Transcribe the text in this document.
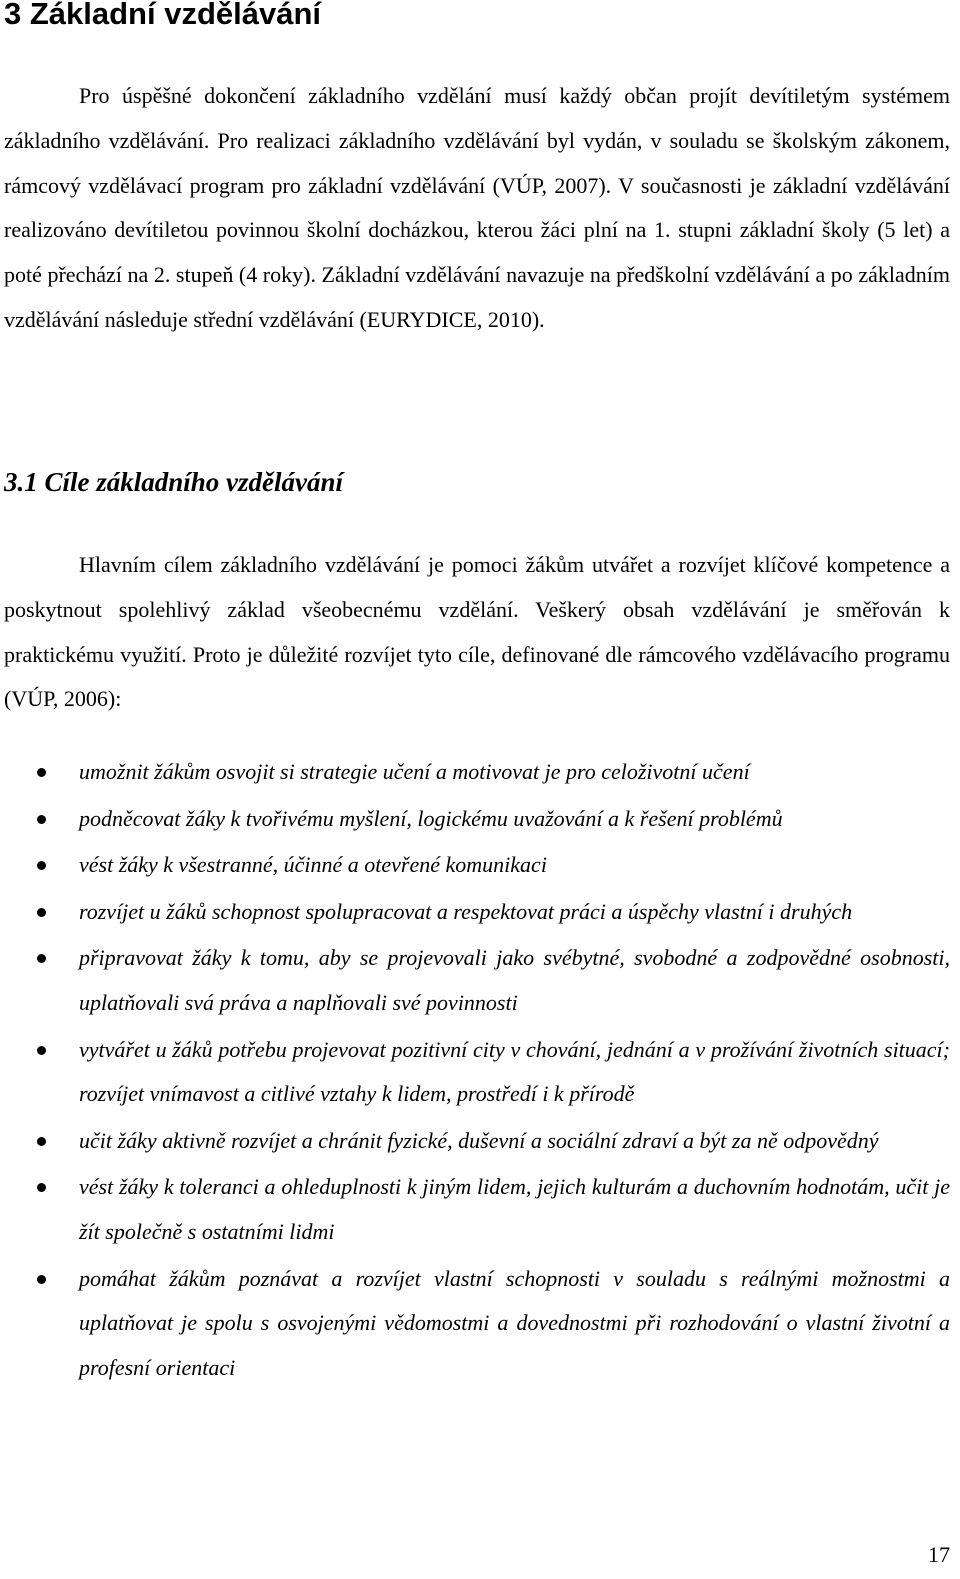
3 Základní vzdělávání

Pro úspěšné dokončení základního vzdělání musí každý občan projít devítiletým systémem základního vzdělávání. Pro realizaci základního vzdělávání byl vydán, v souladu se školským zákonem, rámcový vzdělávací program pro základní vzdělávání (VÚP, 2007). V současnosti je základní vzdělávání realizováno devítiletou povinnou školní docházkou, kterou žáci plní na 1. stupni základní školy (5 let) a poté přechází na 2. stupeň (4 roky). Základní vzdělávání navazuje na předškolní vzdělávání a po základním vzdělávání následuje střední vzdělávání (EURYDICE, 2010).

3.1 Cíle základního vzdělávání

Hlavním cílem základního vzdělávání je pomoci žákům utvářet a rozvíjet klíčové kompetence a poskytnout spolehlivý základ všeobecnému vzdělání. Veškerý obsah vzdělávání je směřován k praktickému využití. Proto je důležité rozvíjet tyto cíle, definované dle rámcového vzdělávacího programu (VÚP, 2006):

umožnit žákům osvojit si strategie učení a motivovat je pro celoživotní učení
podněcovat žáky k tvořivému myšlení, logickému uvažování a k řešení problémů
vést žáky k všestranné, účinné a otevřené komunikaci
rozvíjet u žáků schopnost spolupracovat a respektovat práci a úspěchy vlastní i druhých
připravovat žáky k tomu, aby se projevovali jako svébytné, svobodné a zodpovědné osobnosti, uplatňovali svá práva a naplňovali své povinnosti
vytvářet u žáků potřebu projevovat pozitivní city v chování, jednání a v prožívání životních situací; rozvíjet vnímavost a citlivé vztahy k lidem, prostředí i k přírodě
učit žáky aktivně rozvíjet a chránit fyzické, duševní a sociální zdraví a být za ně odpovědný
vést žáky k toleranci a ohleduplnosti k jiným lidem, jejich kulturám a duchovním hodnotám, učit je žít společně s ostatními lidmi
pomáhat žákům poznávat a rozvíjet vlastní schopnosti v souladu s reálnými možnostmi a uplatňovat je spolu s osvojenými vědomostmi a dovednostmi při rozhodování o vlastní životní a profesní orientaci
17
